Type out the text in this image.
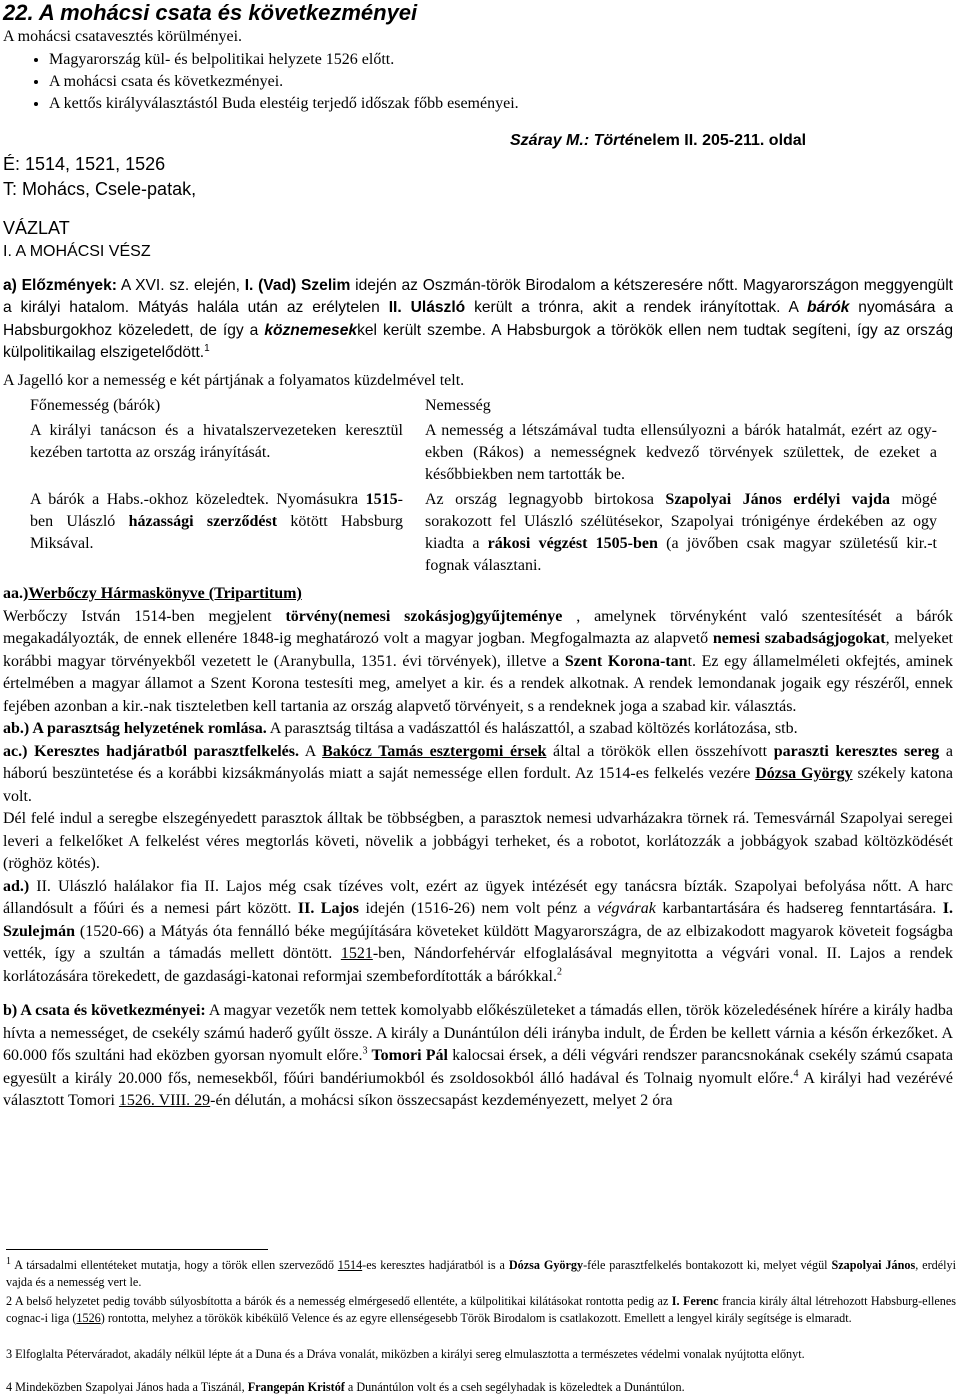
22. A mohácsi csata és következményei
A mohácsi csatavesztés körülményei.
• Magyarország kül- és belpolitikai helyzete 1526 előtt.
• A mohácsi csata és következményei.
• A kettős királyválasztástól Buda elestéig terjedő időszak főbb eseményei.
Száray M.: Történelem II. 205-211. oldal
É: 1514, 1521, 1526
T: Mohács, Csele-patak,
VÁZLAT
I. A MOHÁCSI VÉSZ
a) Előzmények: A XVI. sz. elején, I. (Vad) Szelim idején az Oszmán-török Birodalom a kétszeresére nőtt. Magyarországon meggyengült a királyi hatalom. Mátyás halála után az erélytelen II. Ulászló került a trónra, akit a rendek irányítottak. A bárók nyomására a Habsburgokhoz közeledett, de így a köznemesekkel került szembe. A Habsburgok a törökök ellen nem tudtak segíteni, így az ország külpolitikailag elszigetelődött.$^1$
A Jagelló kor a nemesség e két pártjának a folyamatos küzdelmével telt.
Főnemesség (bárók)	Nemesség
A királyi tanácson és a hivatalszervezeteken keresztül kezében tartotta az ország irányítását.
A nemesség a létszámával tudta ellensúlyozni a bárók hatalmát, ezért az ogy-ekben (Rákos) a nemességnek kedvező törvények születtek, de ezeket a későbbiekben nem tartották be.
A bárók a Habs.-okhoz közeledtek. Nyomásukra 1515-ben Ulászló házassági szerződést kötött Habsburg Miksával.
Az ország legnagyobb birtokosa Szapolyai János erdélyi vajda mögé sorakozott fel Ulászló szélütésekor, Szapolyai trónigénye érdekében az ogy kiadta a rákosi végzést 1505-ben (a jövőben csak magyar születésű kir.-t fognak választani.
aa.)Werbőczy Hármaskönyve (Tripartitum)
Werbőczy István 1514-ben megjelent törvény(nemesi szokásjog)gyűjteménye , amelynek törvényként való szentesítését a bárók megakadályozták, de ennek ellenére 1848-ig meghatározó volt a magyar jogban. Megfogalmazta az alapvető nemesi szabadságjogokat, melyeket korábbi magyar törvényekből vezetett le (Aranybulla, 1351. évi törvények), illetve a Szent Korona-tant. Ez egy államelméleti okfejtés, aminek értelmében a magyar államot a Szent Korona testesíti meg, amelyet a kir. és a rendek alkotnak. A rendek lemondanak jogaik egy részéről, ennek fejében azonban a kir.-nak tiszteletben kell tartania az ország alapvető törvényeit, s a rendeknek joga a szabad kir. választás.
ab.) A parasztság helyzetének romlása. A parasztság tiltása a vadászattól és halászattól, a szabad költözés korlátozása, stb.
ac.) Keresztes hadjáratból parasztfelkelés. A Bakócz Tamás esztergomi érsek által a törökök ellen összehívott paraszti keresztes sereg a háború beszüntetése és a korábbi kizsákmányolás miatt a saját nemessége ellen fordult. Az 1514-es felkelés vezére Dózsa György székely katona volt.
Dél felé indul a seregbe elszegényedett parasztok álltak be többségben, a parasztok nemesi udvarházakra törnek rá. Temesvárnál Szapolyai seregei leveri a felkelőket A felkelést véres megtorlás követi, növelik a jobbágyi terheket, és a robotot, korlátozzák a jobbágyok szabad költözködését (röghöz kötés).
ad.) II. Ulászló halálakor fia II. Lajos még csak tízéves volt, ezért az ügyek intézését egy tanácsra bízták. Szapolyai befolyása nőtt. A harc állandósult a főúri és a nemesi párt között. II. Lajos idején (1516-26) nem volt pénz a végvárak karbantartására és hadsereg fenntartására. I. Szulejmán (1520-66) a Mátyás óta fennálló béke megújítására követeket küldött Magyarországra, de az elbizakodott magyarok követeit fogságba vették, így a szultán a támadás mellett döntött. 1521-ben, Nándorfehérvár elfoglalásával megnyitotta a végvári vonal. II. Lajos a rendek korlátozására törekedett, de gazdasági-katonai reformjai szembefordították a bárókkal.$^2$
b) A csata és következményei: A magyar vezetők nem tettek komolyabb előkészületeket a támadás ellen, török közeledésének hírére a király hadba hívta a nemességet, de csekély számú haderő gyűlt össze. A király a Dunántúlon déli irányba indult, de Érden be kellett várnia a későn érkezőket. A 60.000 fős szultáni had eközben gyorsan nyomult előre.$^3$ Tomori Pál kalocsai érsek, a déli végvári rendszer parancsnokának csekély számú csapata egyesült a király 20.000 fős, nemesekből, főúri bandériumokból és zsoldosokból álló hadával és Tolnaig nyomult előre.$^4$ A királyi had vezérévé választott Tomori 1526. VIII. 29-én délután, a mohácsi síkon összecsapást kezdeményezett, melyet 2 óra
$^1$ A társadalmi ellentéteket mutatja, hogy a török ellen szerveződő 1514-es keresztes hadjáratból is a Dózsa György-féle parasztfelkelés bontakozott ki, melyet végül Szapolyai János, erdélyi vajda és a nemesség vert le.
2 A belső helyzetet pedig tovább súlyosbította a bárók és a nemesség elmérgesedő ellentéte, a külpolitikai kilátásokat rontotta pedig az I. Ferenc francia király által létrehozott Habsburg-ellenes cognac-i liga (1526) rontotta, melyhez a törökök kibékülő Velence és az egyre ellenségesebb Török Birodalom is csatlakozott. Emellett a lengyel király segítsége is elmaradt.
3 Elfoglalta Péterváradot, akadály nélkül lépte át a Duna és a Dráva vonalát, miközben a királyi sereg elmulasztotta a természetes védelmi vonalak nyújtotta előnyt.
4 Mindeközben Szapolyai János hada a Tiszánál, Frangepán Kristóf a Dunántúlon volt és a cseh segélyhadak is közeledtek a Dunántúlon.
